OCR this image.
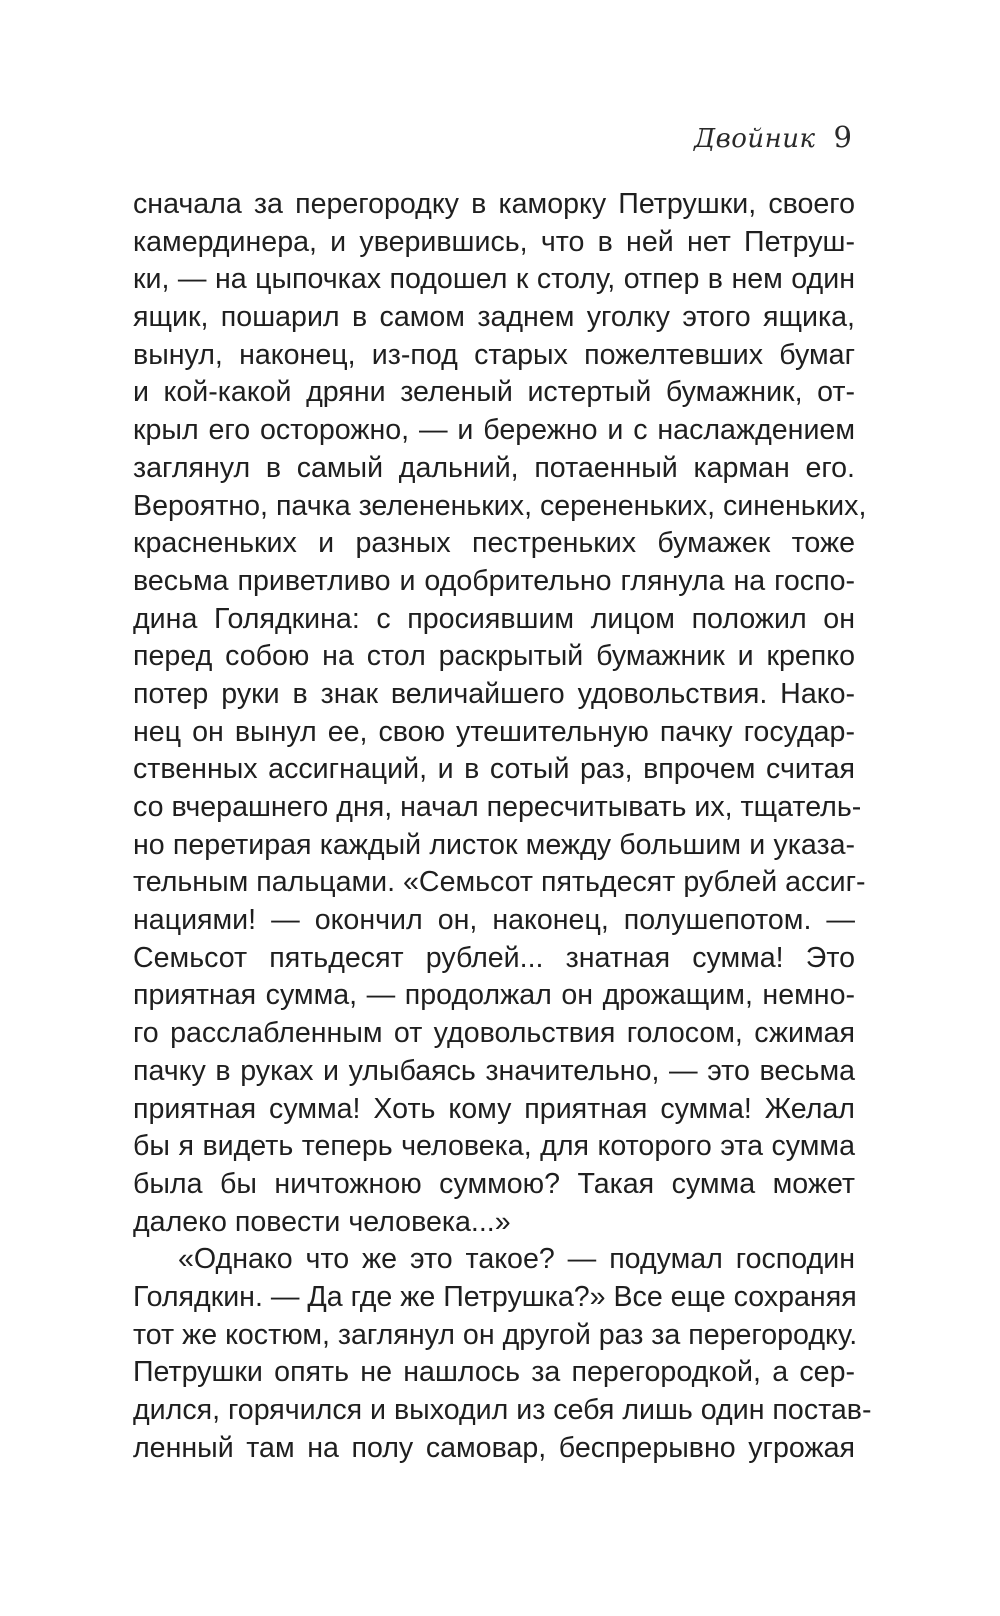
Двойник 9
сначала за перегородку в каморку Петрушки, своего
камердинера, и уверившись, что в ней нет Петруш-
ки, — на цыпочках подошел к столу, отпер в нем один
ящик, пошарил в самом заднем уголку этого ящика,
вынул, наконец, из-под старых пожелтевших бумаг
и кой-какой дряни зеленый истертый бумажник, от-
крыл его осторожно, — и бережно и с наслаждением
заглянул в самый дальний, потаенный карман его.
Вероятно, пачка зелененьких, серененьких, синеньких,
красненьких и разных пестреньких бумажек тоже
весьма приветливо и одобрительно глянула на госпо-
дина Голядкина: с просиявшим лицом положил он
перед собою на стол раскрытый бумажник и крепко
потер руки в знак величайшего удовольствия. Нако-
нец он вынул ее, свою утешительную пачку государ-
ственных ассигнаций, и в сотый раз, впрочем считая
со вчерашнего дня, начал пересчитывать их, тщатель-
но перетирая каждый листок между большим и указа-
тельным пальцами. «Семьсот пятьдесят рублей ассиг-
нациями! — окончил он, наконец, полушепотом. —
Семьсот пятьдесят рублей... знатная сумма! Это
приятная сумма, — продолжал он дрожащим, немно-
го расслабленным от удовольствия голосом, сжимая
пачку в руках и улыбаясь значительно, — это весьма
приятная сумма! Хоть кому приятная сумма! Желал
бы я видеть теперь человека, для которого эта сумма
была бы ничтожною суммою? Такая сумма может
далеко повести человека...»
«Однако что же это такое? — подумал господин
Голядкин. — Да где же Петрушка?» Все еще сохраняя
тот же костюм, заглянул он другой раз за перегородку.
Петрушки опять не нашлось за перегородкой, а сер-
дился, горячился и выходил из себя лишь один постав-
ленный там на полу самовар, беспрерывно угрожая
